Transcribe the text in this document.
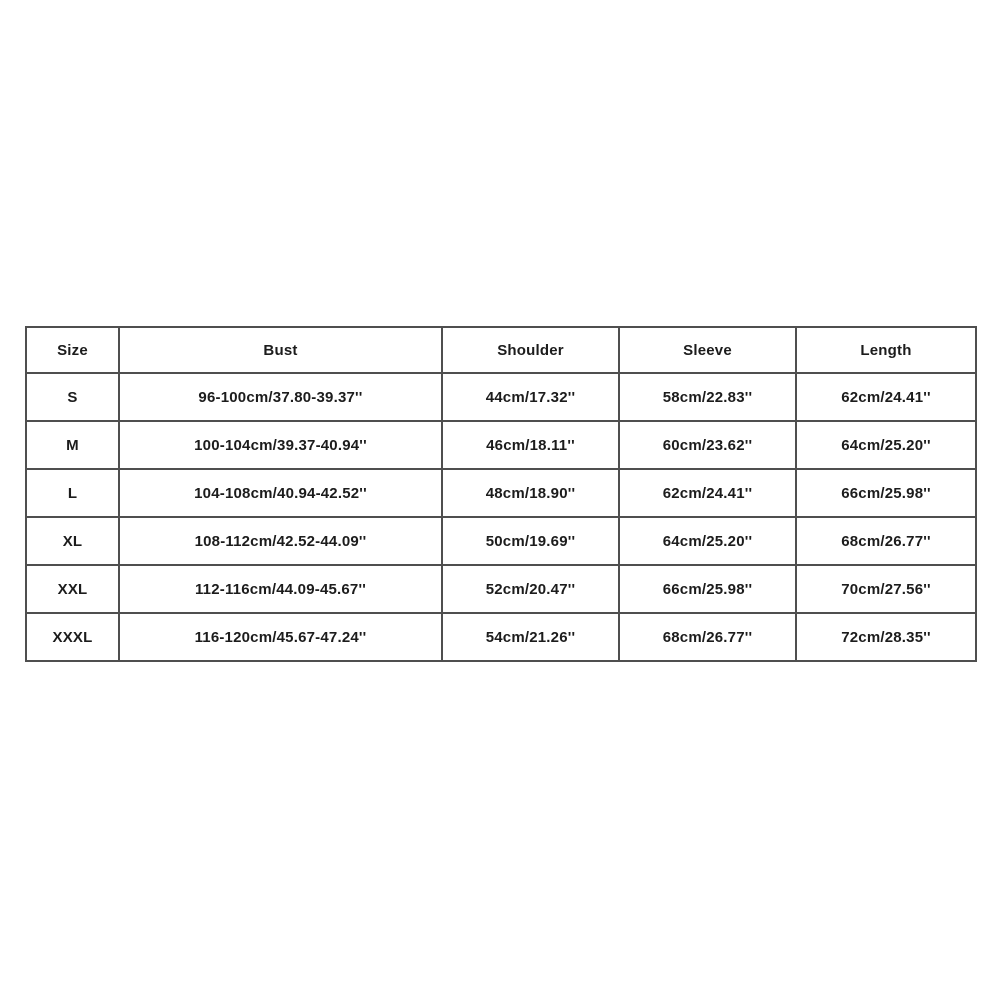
Size	Bust	Shoulder	Sleeve	Length
S	96-100cm/37.80-39.37''	44cm/17.32''	58cm/22.83''	62cm/24.41''
M	100-104cm/39.37-40.94''	46cm/18.11''	60cm/23.62''	64cm/25.20''
L	104-108cm/40.94-42.52''	48cm/18.90''	62cm/24.41''	66cm/25.98''
XL	108-112cm/42.52-44.09''	50cm/19.69''	64cm/25.20''	68cm/26.77''
XXL	112-116cm/44.09-45.67''	52cm/20.47''	66cm/25.98''	70cm/27.56''
XXXL	116-120cm/45.67-47.24''	54cm/21.26''	68cm/26.77''	72cm/28.35''
